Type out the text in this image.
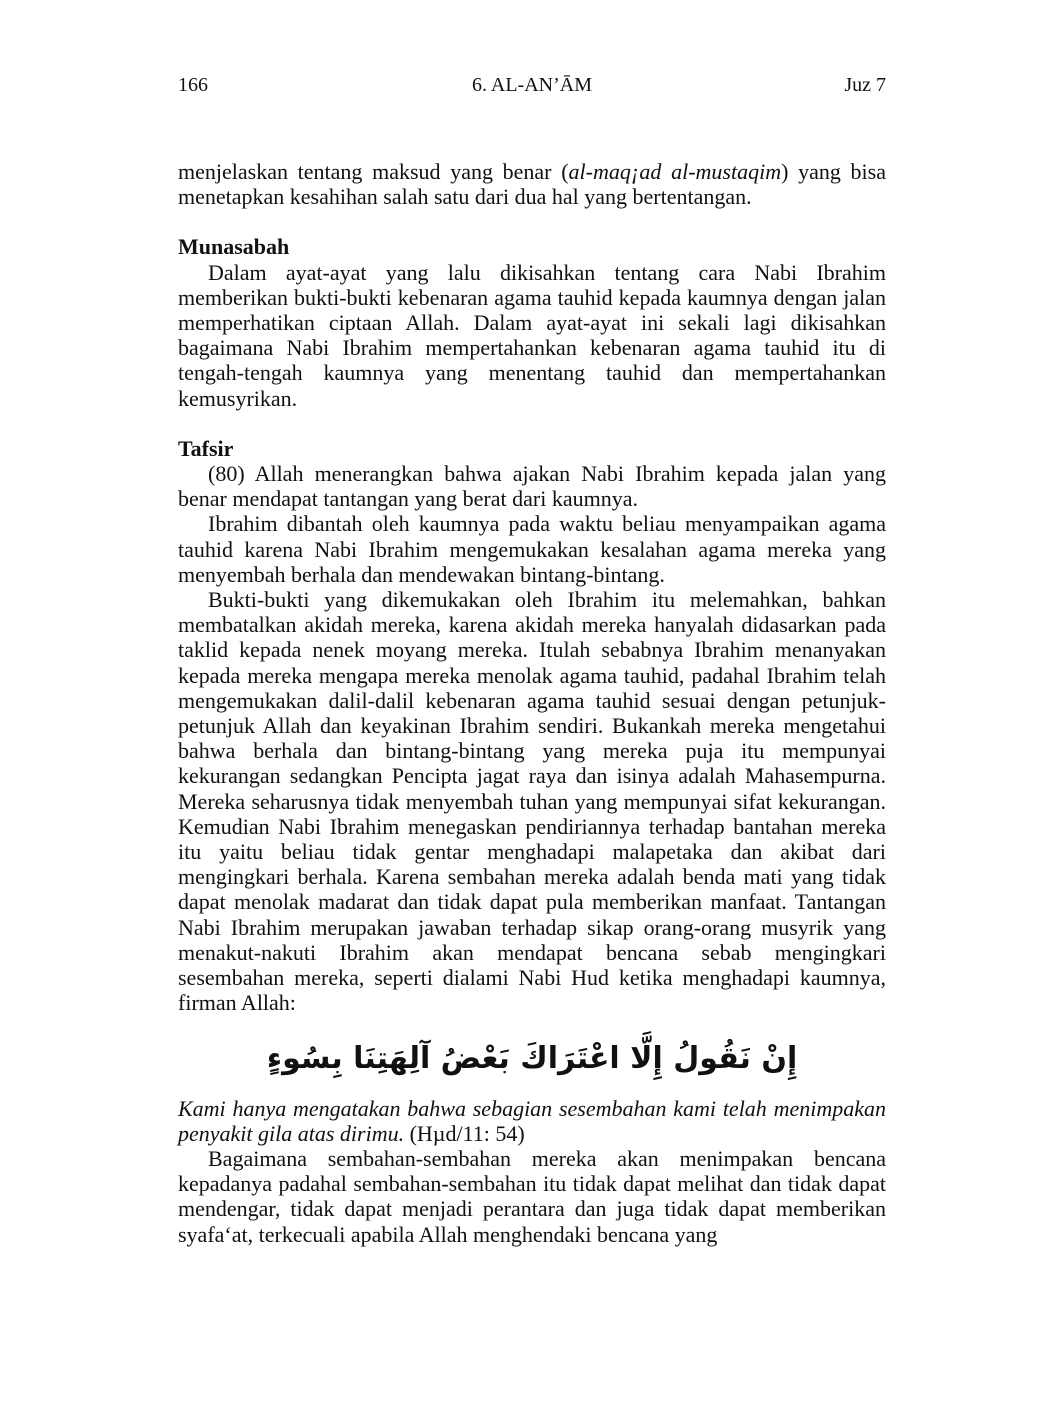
166	6. AL-AN’ĀM	Juz 7

menjelaskan tentang maksud yang benar (al-maq¡ad al-mustaqim) yang bisa menetapkan kesahihan salah satu dari dua hal yang bertentangan.

Munasabah

Dalam ayat-ayat yang lalu dikisahkan tentang cara Nabi Ibrahim memberikan bukti-bukti kebenaran agama tauhid kepada kaumnya dengan jalan memperhatikan ciptaan Allah. Dalam ayat-ayat ini sekali lagi dikisahkan bagaimana Nabi Ibrahim mempertahankan kebenaran agama tauhid itu di tengah-tengah kaumnya yang menentang tauhid dan mempertahankan kemusyrikan.

Tafsir

(80) Allah menerangkan bahwa ajakan Nabi Ibrahim kepada jalan yang benar mendapat tantangan yang berat dari kaumnya.

Ibrahim dibantah oleh kaumnya pada waktu beliau menyampaikan agama tauhid karena Nabi Ibrahim mengemukakan kesalahan agama mereka yang menyembah berhala dan mendewakan bintang-bintang.

Bukti-bukti yang dikemukakan oleh Ibrahim itu melemahkan, bahkan membatalkan akidah mereka, karena akidah mereka hanyalah didasarkan pada taklid kepada nenek moyang mereka. Itulah sebabnya Ibrahim menanyakan kepada mereka mengapa mereka menolak agama tauhid, padahal Ibrahim telah mengemukakan dalil-dalil kebenaran agama tauhid sesuai dengan petunjuk-petunjuk Allah dan keyakinan Ibrahim sendiri. Bukankah mereka mengetahui bahwa berhala dan bintang-bintang yang mereka puja itu mempunyai kekurangan sedangkan Pencipta jagat raya dan isinya adalah Mahasempurna. Mereka seharusnya tidak menyembah tuhan yang mempunyai sifat kekurangan. Kemudian Nabi Ibrahim menegaskan pendiriannya terhadap bantahan mereka itu yaitu beliau tidak gentar menghadapi malapetaka dan akibat dari mengingkari berhala. Karena sembahan mereka adalah benda mati yang tidak dapat menolak madarat dan tidak dapat pula memberikan manfaat. Tantangan Nabi Ibrahim merupakan jawaban terhadap sikap orang-orang musyrik yang menakut-nakuti Ibrahim akan mendapat bencana sebab mengingkari sesembahan mereka, seperti dialami Nabi Hud ketika menghadapi kaumnya, firman Allah:

إِنْ نَقُولُ إِلَّا اعْتَرَاكَ بَعْضُ آلِهَتِنَا بِسُوءٍ

Kami hanya mengatakan bahwa sebagian sesembahan kami telah menimpakan penyakit gila atas dirimu. (Hµd/11: 54)

Bagaimana sembahan-sembahan mereka akan menimpakan bencana kepadanya padahal sembahan-sembahan itu tidak dapat melihat dan tidak dapat mendengar, tidak dapat menjadi perantara dan juga tidak dapat memberikan syafa‘at, terkecuali apabila Allah menghendaki bencana yang
